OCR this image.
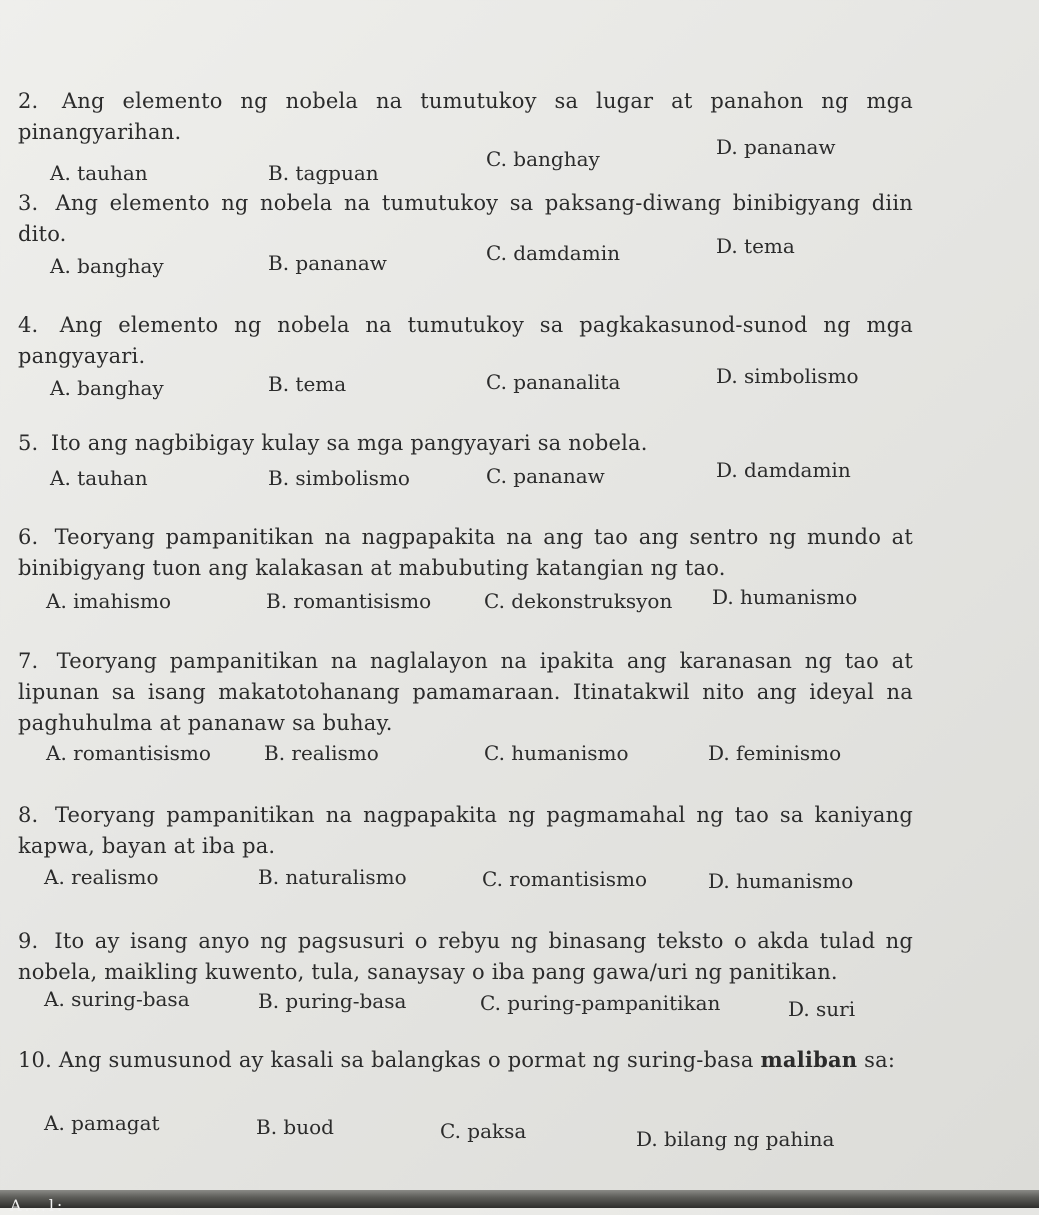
2. Ang elemento ng nobela na tumutukoy sa lugar at panahon ng mga pinangyarihan.
A. tauhan	B. tagpuan
C. banghay	D. pananaw
3. Ang elemento ng nobela na tumutukoy sa paksang-diwang binibigyang diin dito.
A. banghay	B. pananaw	C. damdamin	D. tema
4. Ang elemento ng nobela na tumutukoy sa pagkakasunod-sunod ng mga pangyayari.
A. banghay	B. tema	C. pananalita	D. simbolismo
5. Ito ang nagbibigay kulay sa mga pangyayari sa nobela.
A. tauhan	B. simbolismo	C. pananaw	D. damdamin
6. Teoryang pampanitikan na nagpapakita na ang tao ang sentro ng mundo at binibigyang tuon ang kalakasan at mabubuting katangian ng tao.
A. imahismo	B. romantisismo	C. dekonstruksyon D. humanismo
7. Teoryang pampanitikan na naglalayon na ipakita ang karanasan ng tao at lipunan sa isang makatotohanang pamamaraan. Itinatakwil nito ang ideyal na paghuhulma at pananaw sa buhay.
A. romantisismo	B. realismo	C. humanismo	D. feminismo
8. Teoryang pampanitikan na nagpapakita ng pagmamahal ng tao sa kaniyang kapwa, bayan at iba pa.
A. realismo	B. naturalismo	C. romantisismo	D. humanismo
9. Ito ay isang anyo ng pagsusuri o rebyu ng binasang teksto o akda tulad ng nobela, maikling kuwento, tula, sanaysay o iba pang gawa/uri ng panitikan.
A. suring-basa	B. puring-basa	C. puring-pampanitikan	D. suri
10. Ang sumusunod ay kasali sa balangkas o pormat ng suring-basa maliban sa:
A. pamagat	B. buod	C. paksa	D. bilang ng pahina
A...l:
